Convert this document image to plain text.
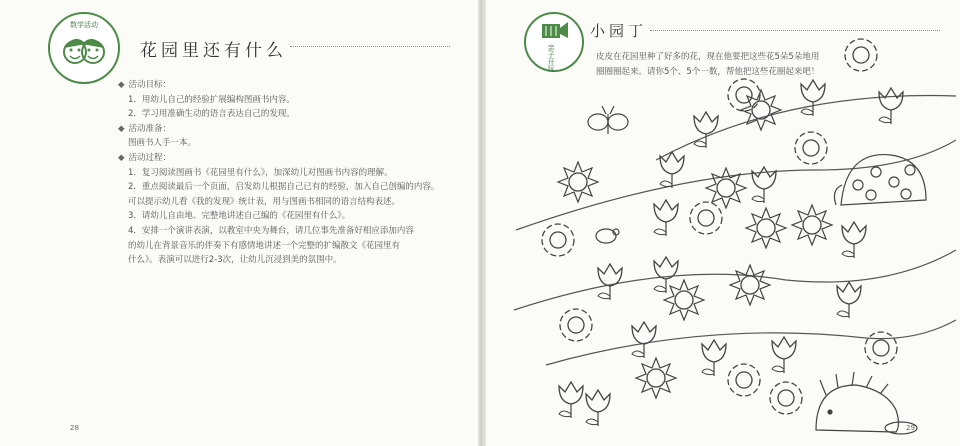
数学活动
花园里还有什么
◆ 活动目标：
1．用幼儿自己的经验扩展编构图画书内容。
2．学习用准确生动的语言表达自己的发现。
◆ 活动准备：
图画书人手一本。
◆ 活动过程：
1．复习阅读图画书《花园里有什么》，加深幼儿对图画书内容的理解。
2．重点阅读最后一个页面，启发幼儿根据自己已有的经验，加入自己创编的内容。
可以提示幼儿看《我的发现》统计表，用与图画书相同的语言结构表述。
3．请幼儿自由地、完整地讲述自己编的《花园里有什么》。
4．安排一个演讲表演，以教室中央为舞台，请几位事先准备好相应添加内容
的幼儿在背景音乐的伴奏下有感情地讲述一个完整的扩编散文《花园里有
什么》。表演可以进行2-3次，让幼儿沉浸到美的氛围中。
28	29
亲子开玩
小园丁
皮皮在花园里种了好多的花，现在他要把这些花5朵5朵地用
圈圈圈起来。请你5个、5个一数，帮他把这些花圈起来吧！
